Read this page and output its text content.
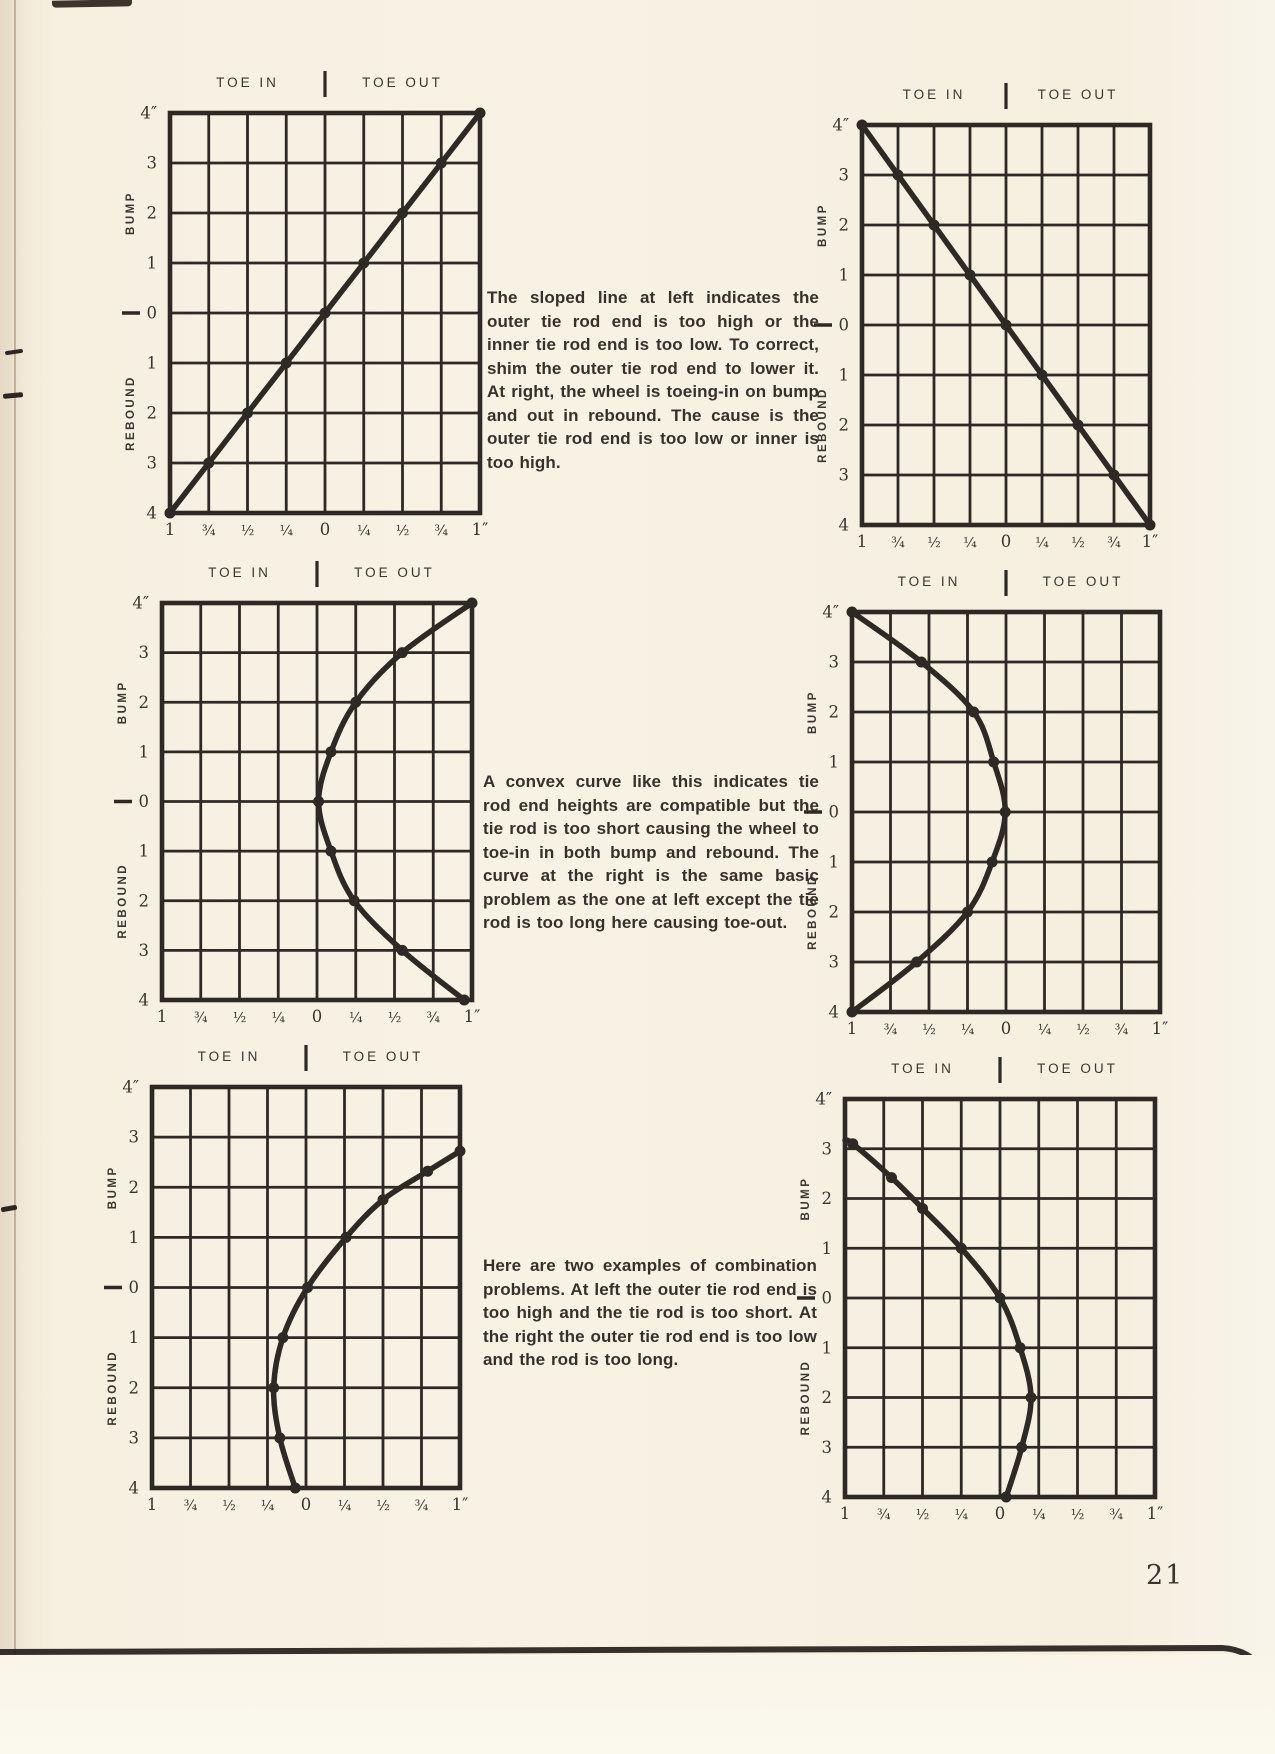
TOE IN	TOE OUT
4″
3
2
1
0
1
2
3
4
1 ¾ ½ ¼ 0 ¼ ½ ¾ 1″
BUMP
REBOUND
TOE IN	TOE OUT
4″
3
2
1
0
1
2
3
4
1 ¾ ½ ¼ 0 ¼ ½ ¾ 1″
BUMP
REBOUND
TOE IN	TOE OUT
4″
3
2
1
0
1
2
3
4
1 ¾ ½ ¼ 0 ¼ ½ ¾ 1″
BUMP
REBOUND
TOE IN	TOE OUT
4″
3
2
1
0
1
2
3
4
1 ¾ ½ ¼ 0 ¼ ½ ¾ 1″
BUMP
REBOUND
TOE IN	TOE OUT
4″
3
2
1
0
1
2
3
4
1 ¾ ½ ¼ 0 ¼ ½ ¾ 1″
BUMP
REBOUND
TOE IN	TOE OUT
4″
3
2
1
0
1
2
3
4
1 ¾ ½ ¼ 0 ¼ ½ ¾ 1″
BUMP
REBOUND

The sloped line at left indicates the outer tie rod end is too high or the inner tie rod end is too low. To correct, shim the outer tie rod end to lower it. At right, the wheel is toeing-in on bump and out in rebound. The cause is the outer tie rod end is too low or inner is too high.

A convex curve like this indicates tie rod end heights are compatible but the tie rod is too short causing the wheel to toe-in in both bump and rebound. The curve at the right is the same basic problem as the one at left except the tie rod is too long here causing toe-out.

Here are two examples of combination problems. At left the outer tie rod end is too high and the tie rod is too short. At the right the outer tie rod end is too low and the rod is too long.

21
